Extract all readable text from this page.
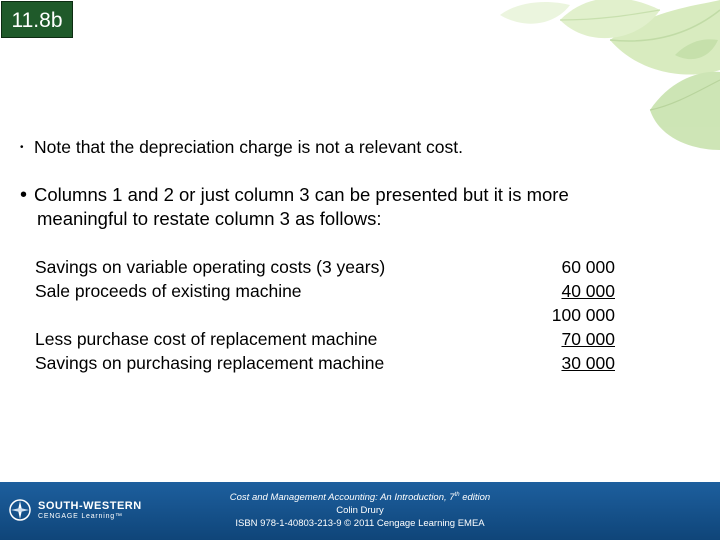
11.8b
• Note that the depreciation charge is not a relevant cost.
• Columns 1 and 2 or just column 3 can be presented but it is more
meaningful to restate column 3 as follows:
Savings on variable operating costs (3 years)	60 000
Sale proceeds of existing machine	40 000
100 000
Less purchase cost of replacement machine	70 000
Savings on purchasing replacement machine	30 000
SOUTH-WESTERN
CENGAGE Learning™
Cost and Management Accounting: An Introduction, 7th edition
Colin Drury
ISBN 978-1-40803-213-9 © 2011 Cengage Learning EMEA
